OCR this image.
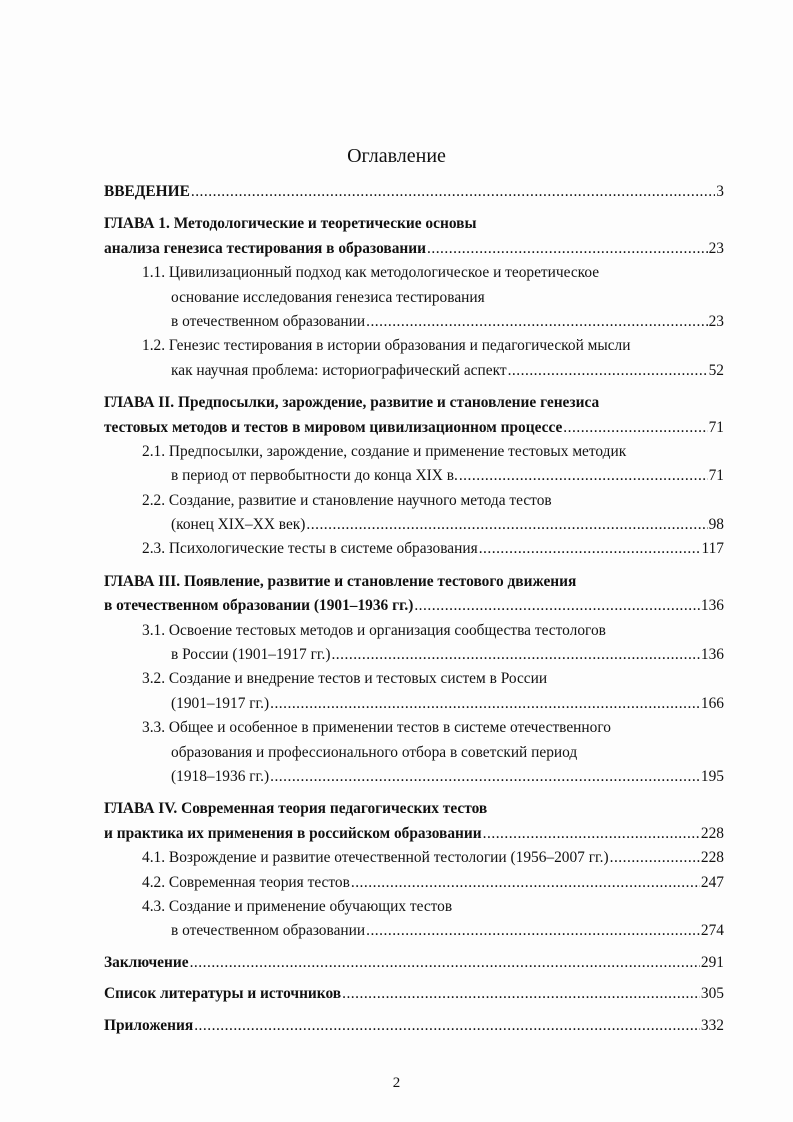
Оглавление
ВВЕДЕНИЕ .....	3
ГЛАВА 1. Методологические и теоретические основы
анализа генезиса тестирования в образовании .....	23
1.1. Цивилизационный подход как методологическое и теоретическое
основание исследования генезиса тестирования
в отечественном образовании .....	23
1.2. Генезис тестирования в истории образования и педагогической мысли
как научная проблема: историографический аспект .....	52
ГЛАВА II. Предпосылки, зарождение, развитие и становление генезиса
тестовых методов и тестов в мировом цивилизационном процессе .....	71
2.1. Предпосылки, зарождение, создание и применение тестовых методик
в период от первобытности до конца XIX в. .....	71
2.2. Создание, развитие и становление научного метода тестов
(конец XIX–XX век) .....	98
2.3. Психологические тесты в системе образования .....	117
ГЛАВА III. Появление, развитие и становление тестового движения
в отечественном образовании (1901–1936 гг.) .....	136
3.1. Освоение тестовых методов и организация сообщества тестологов
в России (1901–1917 гг.) .....	136
3.2. Создание и внедрение тестов и тестовых систем в России
(1901–1917 гг.) .....	166
3.3. Общее и особенное в применении тестов в системе отечественного
образования и профессионального отбора в советский период
(1918–1936 гг.) .....	195
ГЛАВА IV. Современная теория педагогических тестов
и практика их применения в российском образовании .....	228
4.1. Возрождение и развитие отечественной тестологии (1956–2007 гг.) .....	228
4.2. Современная теория тестов .....	247
4.3. Создание и применение обучающих тестов
в отечественном образовании .....	274
Заключение .....	291
Список литературы и источников .....	305
Приложения .....	332
2
